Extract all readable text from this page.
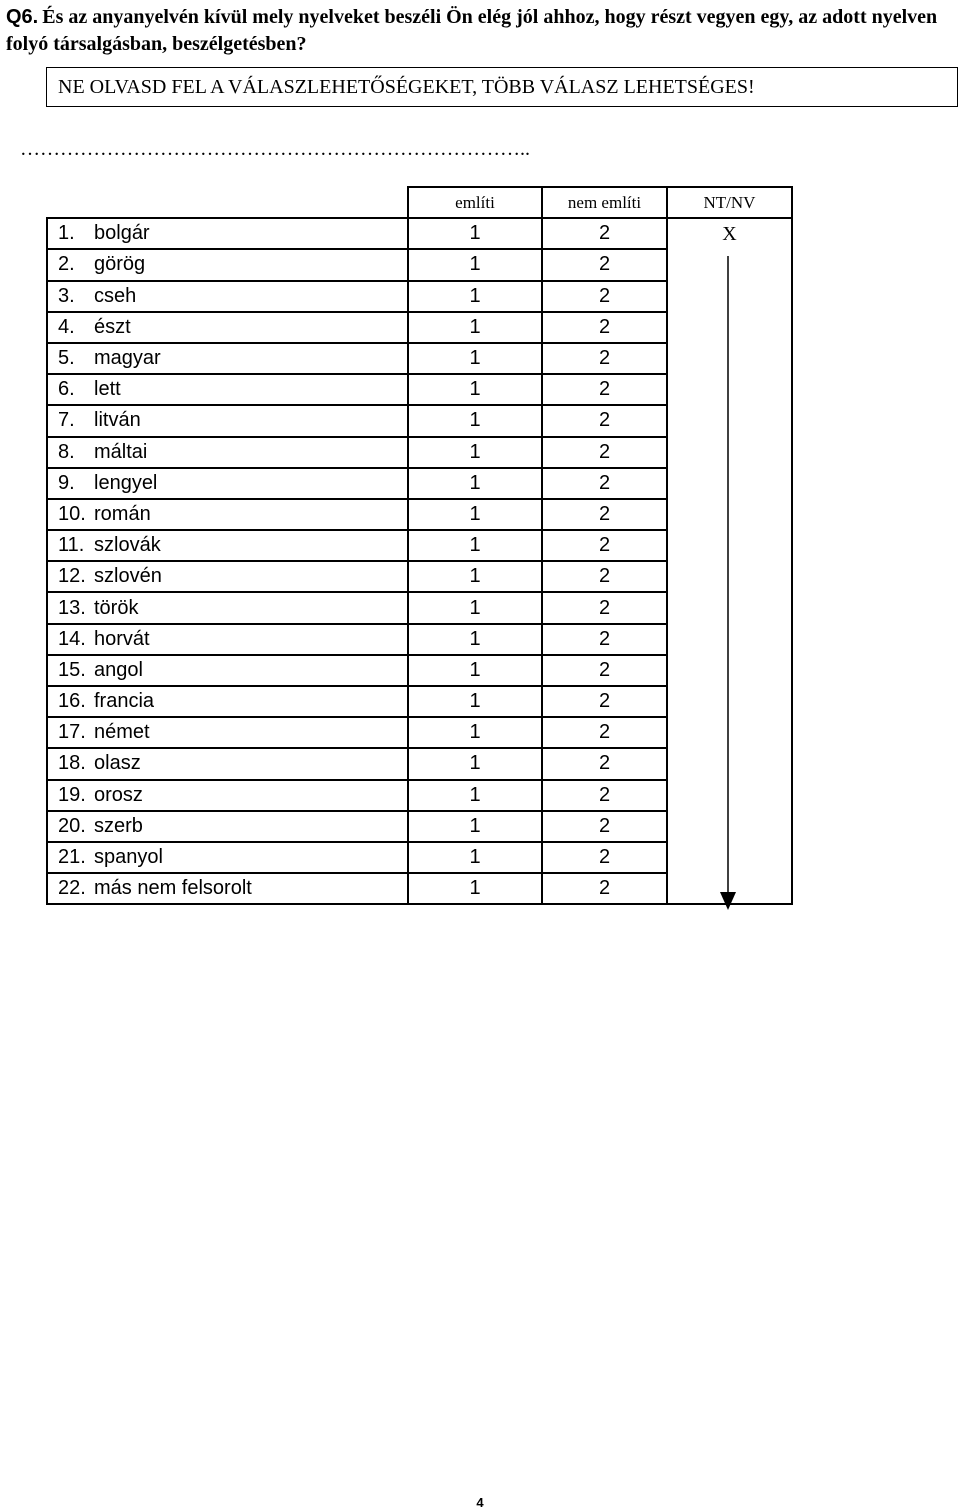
Q6. És az anyanyelvén kívül mely nyelveket beszéli Ön elég jól ahhoz, hogy részt vegyen egy, az adott nyelven folyó társalgásban, beszélgetésben?
NE OLVASD FEL A VÁLASZLEHETŐSÉGEKET, TÖBB VÁLASZ LEHETSÉGES!
…………………………………………………………………..
	említi	nem említi	NT/NV
1. bolgár	1	2	X
2. görög	1	2	
3. cseh	1	2	
4. észt	1	2	
5. magyar	1	2	
6. lett	1	2	
7. litván	1	2	
8. máltai	1	2	
9. lengyel	1	2	
10. román	1	2	
11. szlovák	1	2	
12. szlovén	1	2	
13. török	1	2	
14. horvát	1	2	
15. angol	1	2	
16. francia	1	2	
17. német	1	2	
18. olasz	1	2	
19. orosz	1	2	
20. szerb	1	2	
21. spanyol	1	2	
22. más nem felsorolt	1	2	
4
